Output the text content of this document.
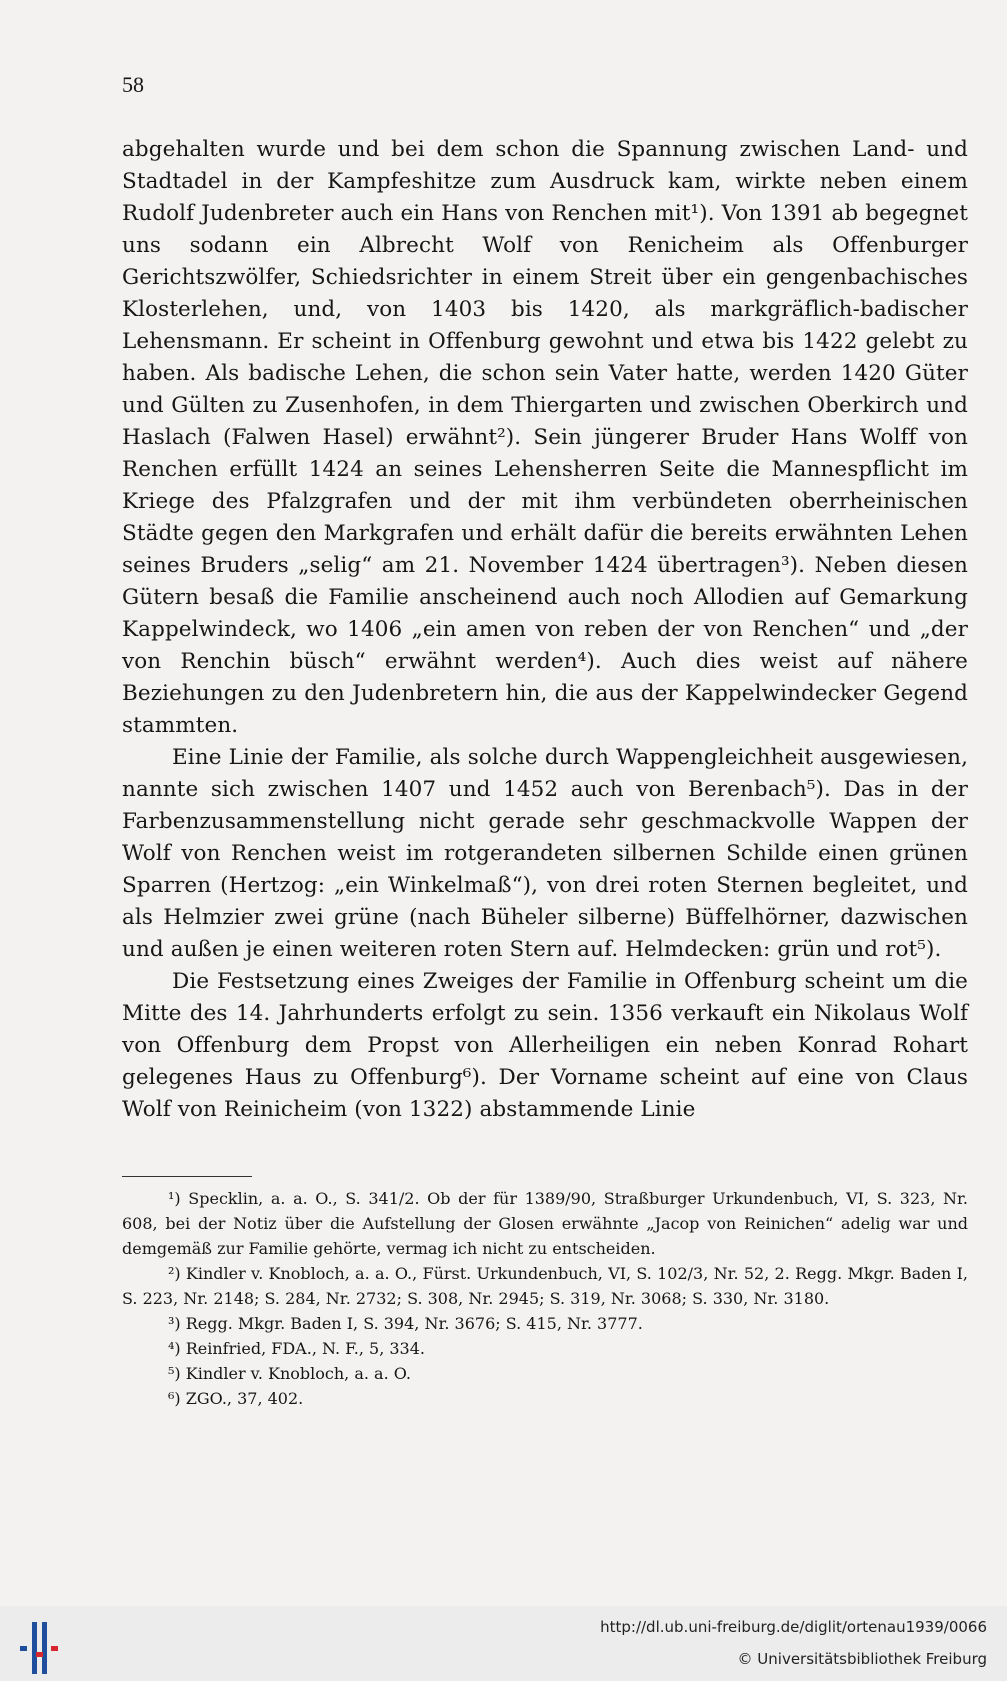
58

abgehalten wurde und bei dem schon die Spannung zwischen Land- und Stadtadel in der Kampfeshitze zum Ausdruck kam, wirkte neben einem Rudolf Judenbreter auch ein Hans von Renchen mit¹). Von 1391 ab begegnet uns sodann ein Albrecht Wolf von Renicheim als Offenburger Gerichtszwölfer, Schiedsrichter in einem Streit über ein gengenbachisches Klosterlehen, und, von 1403 bis 1420, als markgräflich-badischer Lehensmann. Er scheint in Offenburg gewohnt und etwa bis 1422 gelebt zu haben. Als badische Lehen, die schon sein Vater hatte, werden 1420 Güter und Gülten zu Zusenhofen, in dem Thiergarten und zwischen Oberkirch und Haslach (Falwen Hasel) erwähnt²). Sein jüngerer Bruder Hans Wolff von Renchen erfüllt 1424 an seines Lehensherren Seite die Mannespflicht im Kriege des Pfalzgrafen und der mit ihm verbündeten oberrheinischen Städte gegen den Markgrafen und erhält dafür die bereits erwähnten Lehen seines Bruders „selig“ am 21. November 1424 übertragen³). Neben diesen Gütern besaß die Familie anscheinend auch noch Allodien auf Gemarkung Kappelwindeck, wo 1406 „ein amen von reben der von Renchen“ und „der von Renchin büsch“ erwähnt werden⁴). Auch dies weist auf nähere Beziehungen zu den Judenbretern hin, die aus der Kappelwindecker Gegend stammten.

Eine Linie der Familie, als solche durch Wappengleichheit ausgewiesen, nannte sich zwischen 1407 und 1452 auch von Berenbach⁵). Das in der Farbenzusammenstellung nicht gerade sehr geschmackvolle Wappen der Wolf von Renchen weist im rotgerandeten silbernen Schilde einen grünen Sparren (Hertzog: „ein Winkelmaß“), von drei roten Sternen begleitet, und als Helmzier zwei grüne (nach Büheler silberne) Büffelhörner, dazwischen und außen je einen weiteren roten Stern auf. Helmdecken: grün und rot⁵).

Die Festsetzung eines Zweiges der Familie in Offenburg scheint um die Mitte des 14. Jahrhunderts erfolgt zu sein. 1356 verkauft ein Nikolaus Wolf von Offenburg dem Propst von Allerheiligen ein neben Konrad Rohart gelegenes Haus zu Offenburg⁶). Der Vorname scheint auf eine von Claus Wolf von Reinicheim (von 1322) abstammende Linie

¹) Specklin, a. a. O., S. 341/2. Ob der für 1389/90, Straßburger Urkundenbuch, VI, S. 323, Nr. 608, bei der Notiz über die Aufstellung der Glosen erwähnte „Jacop von Reinichen“ adelig war und demgemäß zur Familie gehörte, vermag ich nicht zu entscheiden.

²) Kindler v. Knobloch, a. a. O., Fürst. Urkundenbuch, VI, S. 102/3, Nr. 52, 2. Regg. Mkgr. Baden I, S. 223, Nr. 2148; S. 284, Nr. 2732; S. 308, Nr. 2945; S. 319, Nr. 3068; S. 330, Nr. 3180.

³) Regg. Mkgr. Baden I, S. 394, Nr. 3676; S. 415, Nr. 3777.

⁴) Reinfried, FDA., N. F., 5, 334.

⁵) Kindler v. Knobloch, a. a. O.

⁶) ZGO., 37, 402.

http://dl.ub.uni-freiburg.de/diglit/ortenau1939/0066
© Universitätsbibliothek Freiburg
